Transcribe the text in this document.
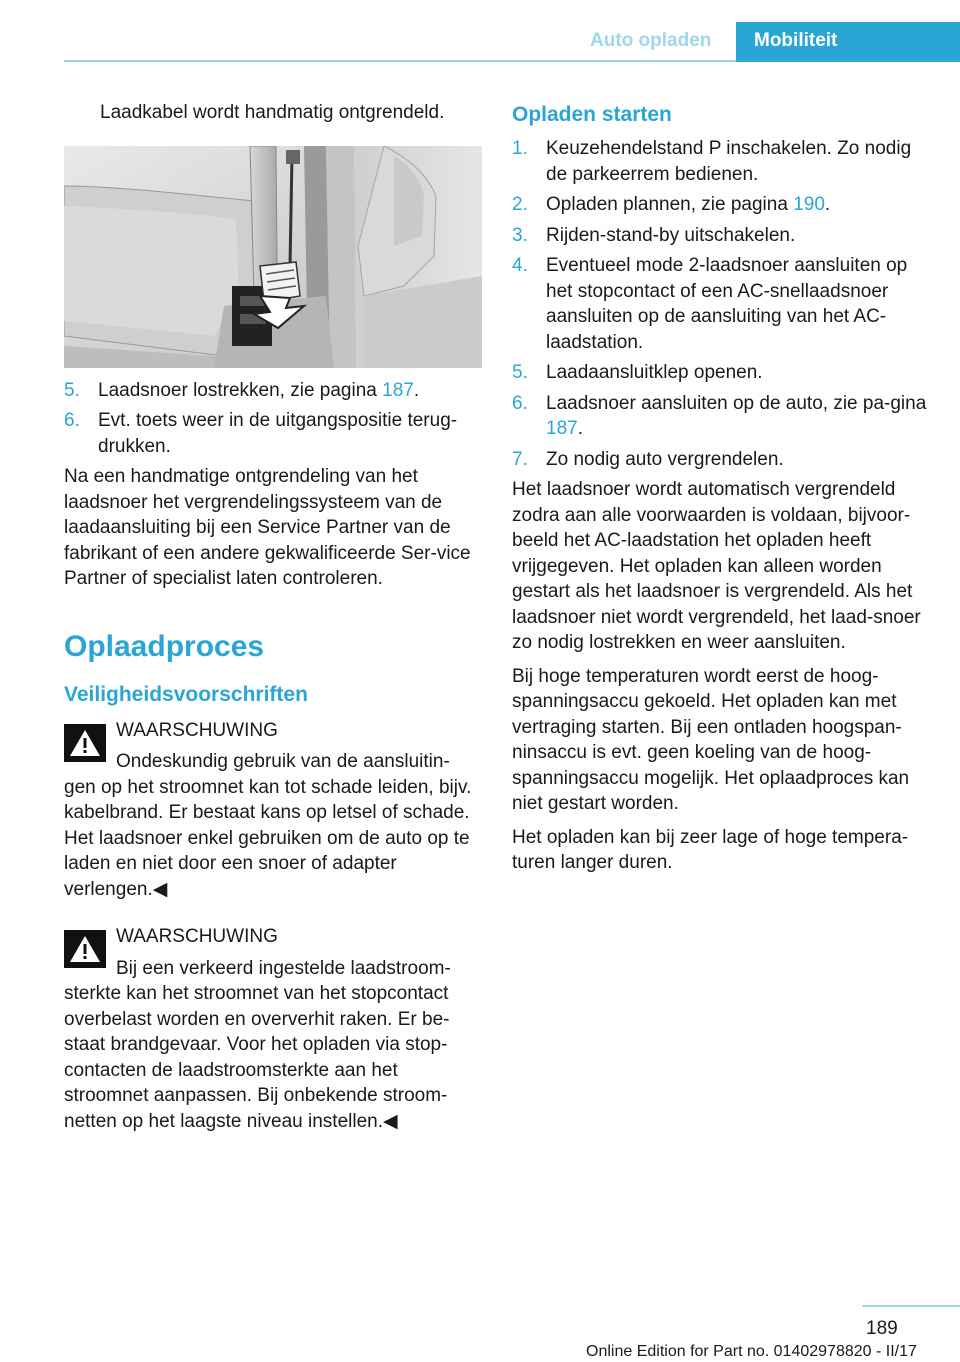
Auto opladen	Mobiliteit

Laadkabel wordt handmatig ontgrendeld.

5. Laadsnoer lostrekken, zie pagina 187.
6. Evt. toets weer in de uitgangspositie terug-drukken.

Na een handmatige ontgrendeling van het laadsnoer het vergrendelingssysteem van de laadaansluiting bij een Service Partner van de fabrikant of een andere gekwalificeerde Ser-vice Partner of specialist laten controleren.

Oplaadproces
Veiligheidsvoorschriften
WAARSCHUWING
Ondeskundig gebruik van de aansluitin-
gen op het stroomnet kan tot schade leiden, bijv. kabelbrand. Er bestaat kans op letsel of schade. Het laadsnoer enkel gebruiken om de auto op te laden en niet door een snoer of adapter verlengen.◀
WAARSCHUWING
Bij een verkeerd ingestelde laadstroom-
sterkte kan het stroomnet van het stopcontact overbelast worden en oververhit raken. Er be-staat brandgevaar. Voor het opladen via stop-contacten de laadstroomsterkte aan het stroomnet aanpassen. Bij onbekende stroom-netten op het laagste niveau instellen.◀
Opladen starten
1. Keuzehendelstand P inschakelen. Zo nodig de parkeerrem bedienen.
2. Opladen plannen, zie pagina 190.
3. Rijden-stand-by uitschakelen.
4. Eventueel mode 2-laadsnoer aansluiten op het stopcontact of een AC-snellaadsnoer aansluiten op de aansluiting van het AC-laadstation.
5. Laadaansluitklep openen.
6. Laadsnoer aansluiten op de auto, zie pa-gina 187.
7. Zo nodig auto vergrendelen.

Het laadsnoer wordt automatisch vergrendeld zodra aan alle voorwaarden is voldaan, bijvoor-beeld het AC-laadstation het opladen heeft vrijgegeven. Het opladen kan alleen worden gestart als het laadsnoer is vergrendeld. Als het laadsnoer niet wordt vergrendeld, het laad-snoer zo nodig lostrekken en weer aansluiten.

Bij hoge temperaturen wordt eerst de hoog-spanningsaccu gekoeld. Het opladen kan met vertraging starten. Bij een ontladen hoogspan-ninsaccu is evt. geen koeling van de hoog-spanningsaccu mogelijk. Het oplaadproces kan niet gestart worden.

Het opladen kan bij zeer lage of hoge tempera-turen langer duren.

189
Online Edition for Part no. 01402978820 - II/17
